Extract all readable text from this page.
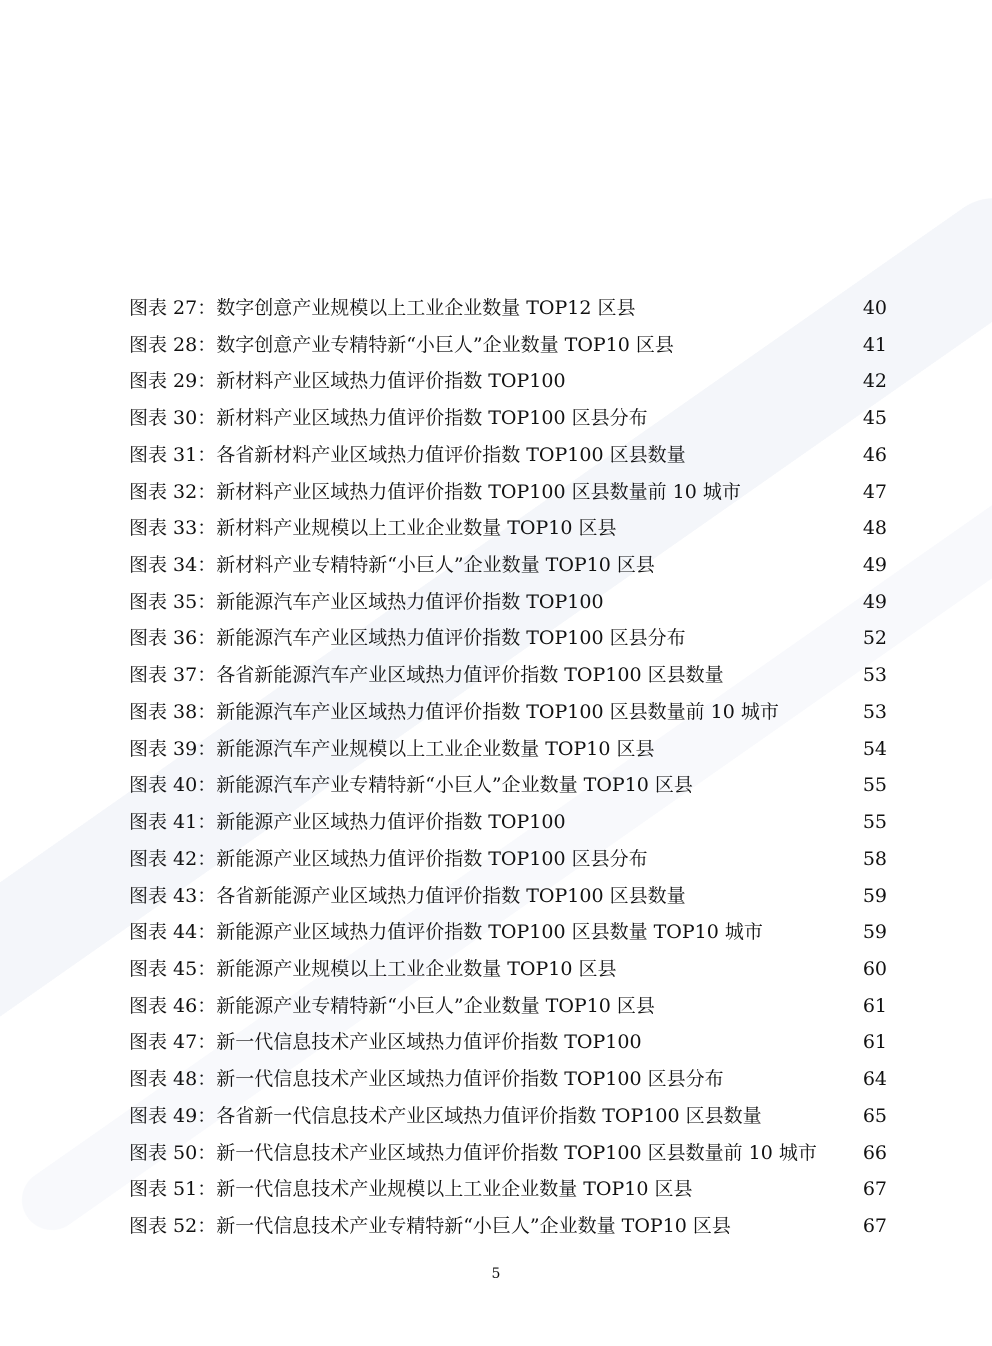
图表 27：数字创意产业规模以上工业企业数量 TOP12 区县	40
图表 28：数字创意产业专精特新“小巨人”企业数量 TOP10 区县	41
图表 29：新材料产业区域热力值评价指数 TOP100	42
图表 30：新材料产业区域热力值评价指数 TOP100 区县分布	45
图表 31：各省新材料产业区域热力值评价指数 TOP100 区县数量	46
图表 32：新材料产业区域热力值评价指数 TOP100 区县数量前 10 城市	47
图表 33：新材料产业规模以上工业企业数量 TOP10 区县	48
图表 34：新材料产业专精特新“小巨人”企业数量 TOP10 区县	49
图表 35：新能源汽车产业区域热力值评价指数 TOP100	49
图表 36：新能源汽车产业区域热力值评价指数 TOP100 区县分布	52
图表 37：各省新能源汽车产业区域热力值评价指数 TOP100 区县数量	53
图表 38：新能源汽车产业区域热力值评价指数 TOP100 区县数量前 10 城市	53
图表 39：新能源汽车产业规模以上工业企业数量 TOP10 区县	54
图表 40：新能源汽车产业专精特新“小巨人”企业数量 TOP10 区县	55
图表 41：新能源产业区域热力值评价指数 TOP100	55
图表 42：新能源产业区域热力值评价指数 TOP100 区县分布	58
图表 43：各省新能源产业区域热力值评价指数 TOP100 区县数量	59
图表 44：新能源产业区域热力值评价指数 TOP100 区县数量 TOP10 城市	59
图表 45：新能源产业规模以上工业企业数量 TOP10 区县	60
图表 46：新能源产业专精特新“小巨人”企业数量 TOP10 区县	61
图表 47：新一代信息技术产业区域热力值评价指数 TOP100	61
图表 48：新一代信息技术产业区域热力值评价指数 TOP100 区县分布	64
图表 49：各省新一代信息技术产业区域热力值评价指数 TOP100 区县数量	65
图表 50：新一代信息技术产业区域热力值评价指数 TOP100 区县数量前 10 城市	66
图表 51：新一代信息技术产业规模以上工业企业数量 TOP10 区县	67
图表 52：新一代信息技术产业专精特新“小巨人”企业数量 TOP10 区县	67
5
